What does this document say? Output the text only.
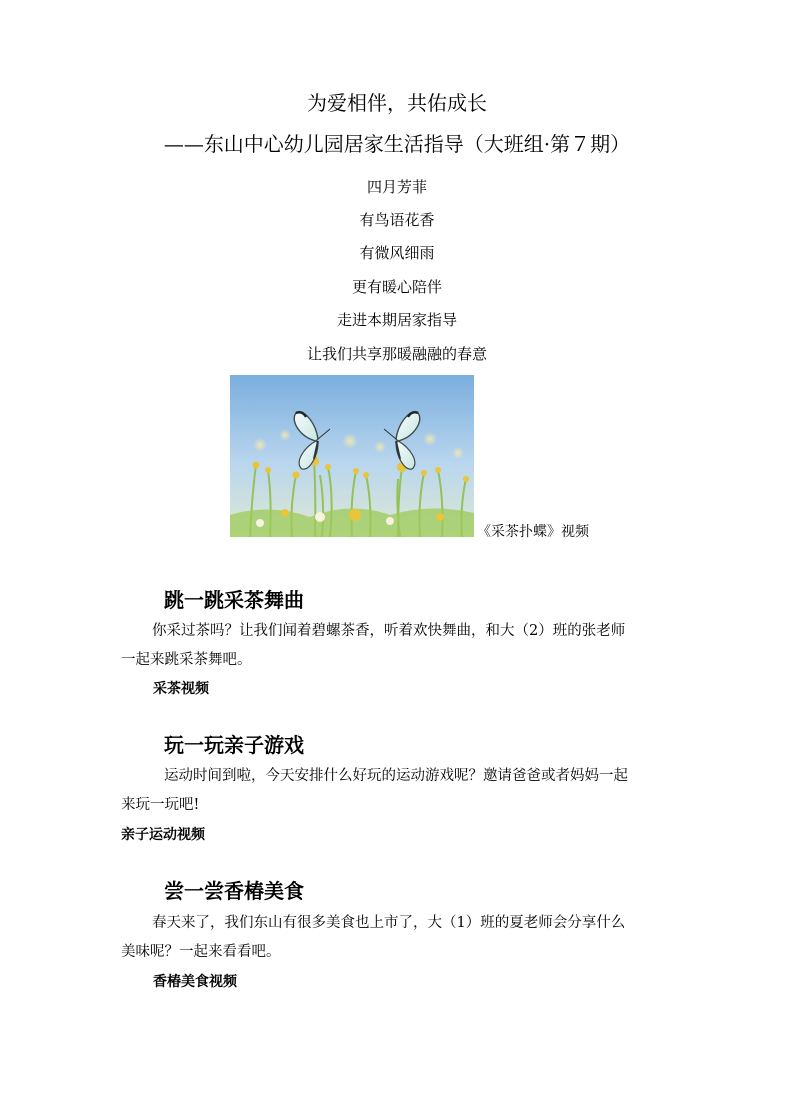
为爱相伴，共佑成长
——东山中心幼儿园居家生活指导（大班组·第７期）
四月芳菲
有鸟语花香
有微风细雨
更有暖心陪伴
走进本期居家指导
让我们共享那暖融融的春意
《采茶扑蝶》视频
跳一跳采茶舞曲
你采过茶吗？让我们闻着碧螺茶香，听着欢快舞曲，和大（2）班的张老师
一起来跳采茶舞吧。
采茶视频
玩一玩亲子游戏
运动时间到啦，今天安排什么好玩的运动游戏呢？邀请爸爸或者妈妈一起
来玩一玩吧!
亲子运动视频
尝一尝香椿美食
春天来了，我们东山有很多美食也上市了，大（1）班的夏老师会分享什么
美味呢？一起来看看吧。
香椿美食视频
